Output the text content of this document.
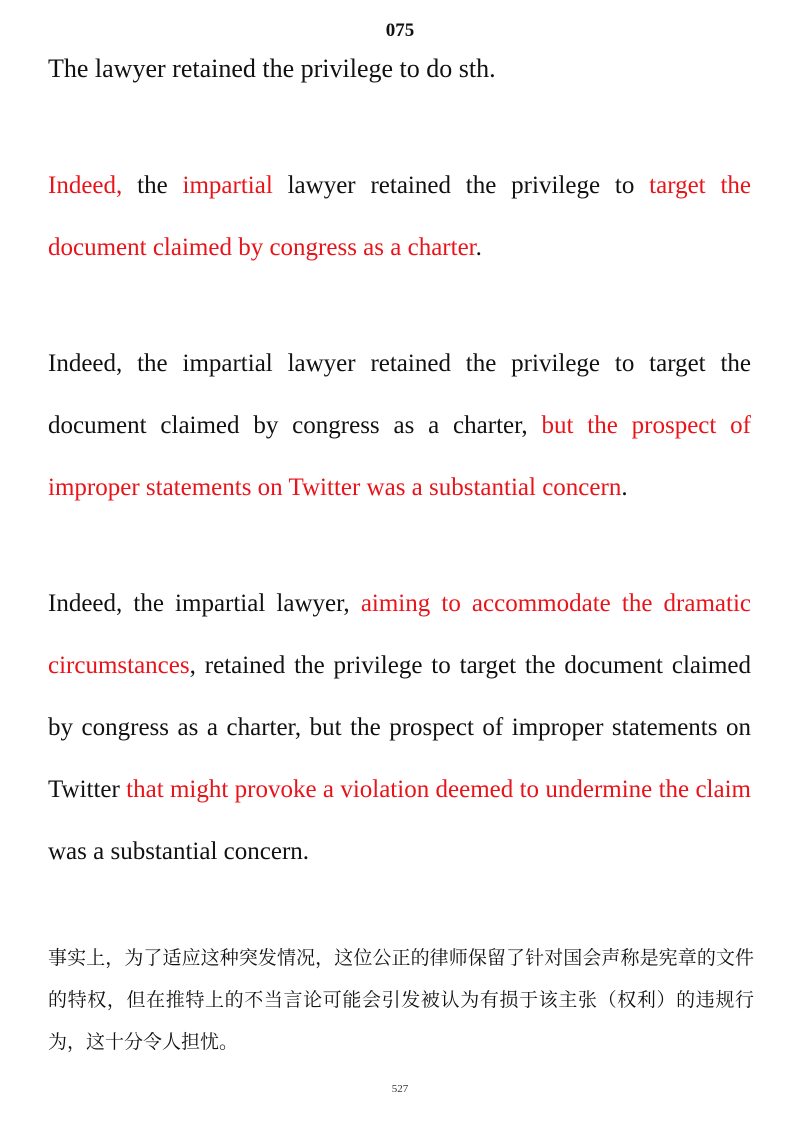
075
The lawyer retained the privilege to do sth.

Indeed, the impartial lawyer retained the privilege to target the document claimed by congress as a charter.

Indeed, the impartial lawyer retained the privilege to target the document claimed by congress as a charter, but the prospect of improper statements on Twitter was a substantial concern.

Indeed, the impartial lawyer, aiming to accommodate the dramatic circumstances, retained the privilege to target the document claimed by congress as a charter, but the prospect of improper statements on Twitter that might provoke a violation deemed to undermine the claim was a substantial concern.

事实上，为了适应这种突发情况，这位公正的律师保留了针对国会声称是宪章的文件的特权，但在推特上的不当言论可能会引发被认为有损于该主张（权利）的违规行为，这十分令人担忧。

527
